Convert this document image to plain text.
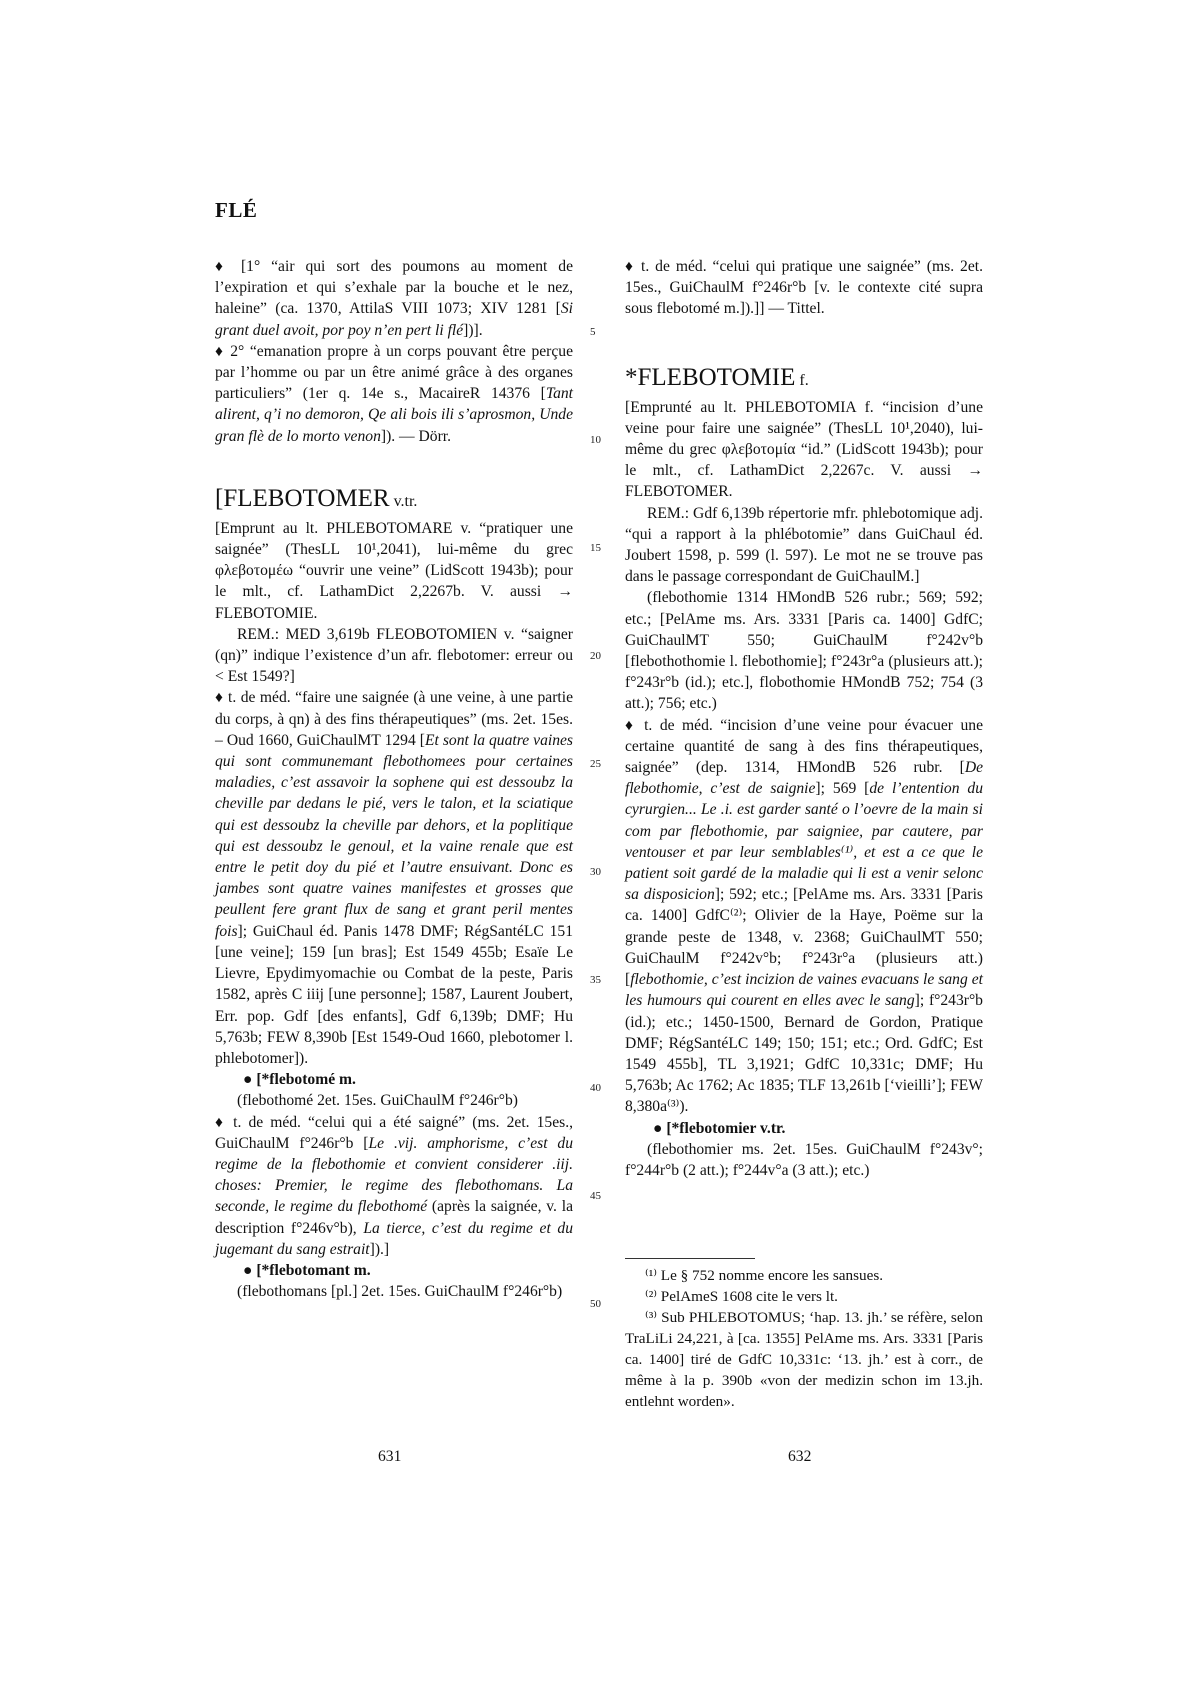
FLÉ

♦ [1° “air qui sort des poumons au moment de l’expiration et qui s’exhale par la bouche et le nez, haleine” (ca. 1370, AttilaS VIII 1073; XIV 1281 [Si grant duel avoit, por poy n’en pert li flé])].

♦ 2° “emanation propre à un corps pouvant être perçue par l’homme ou par un être animé grâce à des organes particuliers” (1er q. 14e s., MacaireR 14376 [Tant alirent, q’i no demoron, Qe ali bois ili s’aprosmon, Unde gran flè de lo morto venon]). — Dörr.

[FLEBOTOMER v.tr.

[Emprunt au lt. PHLEBOTOMARE v. “pratiquer une saignée” (ThesLL 10¹,2041), lui-même du grec φλεβοτομέω “ouvrir une veine” (LidScott 1943b); pour le mlt., cf. LathamDict 2,2267b. V. aussi → FLEBOTOMIE.

REM.: MED 3,619b FLEOBOTOMIEN v. “saigner (qn)” indique l’existence d’un afr. flebotomer: erreur ou < Est 1549?]

♦ t. de méd. “faire une saignée (à une veine, à une partie du corps, à qn) à des fins thérapeutiques” (ms. 2et. 15es. – Oud 1660, GuiChaulMT 1294 [Et sont la quatre vaines qui sont communemant flebothomees pour certaines maladies, c’est assavoir la sophene qui est dessoubz la cheville par dedans le pié, vers le talon, et la sciatique qui est dessoubz la cheville par dehors, et la poplitique qui est dessoubz le genoul, et la vaine renale que est entre le petit doy du pié et l’autre ensuivant. Donc es jambes sont quatre vaines manifestes et grosses que peullent fere grant flux de sang et grant peril mentes fois]; GuiChaul éd. Panis 1478 DMF; RégSantéLC 151 [une veine]; 159 [un bras]; Est 1549 455b; Esaïe Le Lievre, Epydimyomachie ou Combat de la peste, Paris 1582, après C iiij [une personne]; 1587, Laurent Joubert, Err. pop. Gdf [des enfants], Gdf 6,139b; DMF; Hu 5,763b; FEW 8,390b [Est 1549-Oud 1660, plebotomer l. phlebotomer]).

● [*flebotomé m.

(flebothomé 2et. 15es. GuiChaulM f°246r°b)

♦ t. de méd. “celui qui a été saigné” (ms. 2et. 15es., GuiChaulM f°246r°b [Le .vij. amphorisme, c’est du regime de la flebothomie et convient considerer .iij. choses: Premier, le regime des flebothomans. La seconde, le regime du flebothomé (après la saignée, v. la description f°246v°b), La tierce, c’est du regime et du jugemant du sang estrait]).]

● [*flebotomant m.

(flebothomans [pl.] 2et. 15es. GuiChaulM f°246r°b)

5
10
15
20
25
30
35
40
45
50

♦ t. de méd. “celui qui pratique une saignée” (ms. 2et. 15es., GuiChaulM f°246r°b [v. le contexte cité supra sous flebotomé m.]).]] — Tittel.

*FLEBOTOMIE f.

[Emprunté au lt. PHLEBOTOMIA f. “incision d’une veine pour faire une saignée” (ThesLL 10¹,2040), lui-même du grec φλεβοτομία “id.” (LidScott 1943b); pour le mlt., cf. LathamDict 2,2267c. V. aussi → FLEBOTOMER.

REM.: Gdf 6,139b répertorie mfr. phlebotomique adj. “qui a rapport à la phlébotomie” dans GuiChaul éd. Joubert 1598, p. 599 (l. 597). Le mot ne se trouve pas dans le passage correspondant de GuiChaulM.]

(flebothomie 1314 HMondB 526 rubr.; 569; 592; etc.; [PelAme ms. Ars. 3331 [Paris ca. 1400] GdfC; GuiChaulMT 550; GuiChaulM f°242v°b [flebothothomie l. flebothomie]; f°243r°a (plusieurs att.); f°243r°b (id.); etc.], flobothomie HMondB 752; 754 (3 att.); 756; etc.)

♦ t. de méd. “incision d’une veine pour évacuer une certaine quantité de sang à des fins thérapeutiques, saignée” (dep. 1314, HMondB 526 rubr. [De flebothomie, c’est de saignie]; 569 [de l’entention du cyrurgien... Le .i. est garder santé o l’oevre de la main si com par flebothomie, par saigniee, par cautere, par ventouser et par leur semblables⁽¹⁾, et est a ce que le patient soit gardé de la maladie qui li est a venir selonc sa disposicion]; 592; etc.; [PelAme ms. Ars. 3331 [Paris ca. 1400] GdfC⁽²⁾; Olivier de la Haye, Poëme sur la grande peste de 1348, v. 2368; GuiChaulMT 550; GuiChaulM f°242v°b; f°243r°a (plusieurs att.) [flebothomie, c’est incizion de vaines evacuans le sang et les humours qui courent en elles avec le sang]; f°243r°b (id.); etc.; 1450-1500, Bernard de Gordon, Pratique DMF; RégSantéLC 149; 150; 151; etc.; Ord. GdfC; Est 1549 455b], TL 3,1921; GdfC 10,331c; DMF; Hu 5,763b; Ac 1762; Ac 1835; TLF 13,261b [‘vieilli’]; FEW 8,380a⁽³⁾).

● [*flebotomier v.tr.

(flebothomier ms. 2et. 15es. GuiChaulM f°243v°; f°244r°b (2 att.); f°244v°a (3 att.); etc.)

⁽¹⁾ Le § 752 nomme encore les sansues.

⁽²⁾ PelAmeS 1608 cite le vers lt.

⁽³⁾ Sub PHLEBOTOMUS; ‘hap. 13. jh.’ se réfère, selon TraLiLi 24,221, à [ca. 1355] PelAme ms. Ars. 3331 [Paris ca. 1400] tiré de GdfC 10,331c: ‘13. jh.’ est à corr., de même à la p. 390b «von der medizin schon im 13.jh. entlehnt worden».

631	632
